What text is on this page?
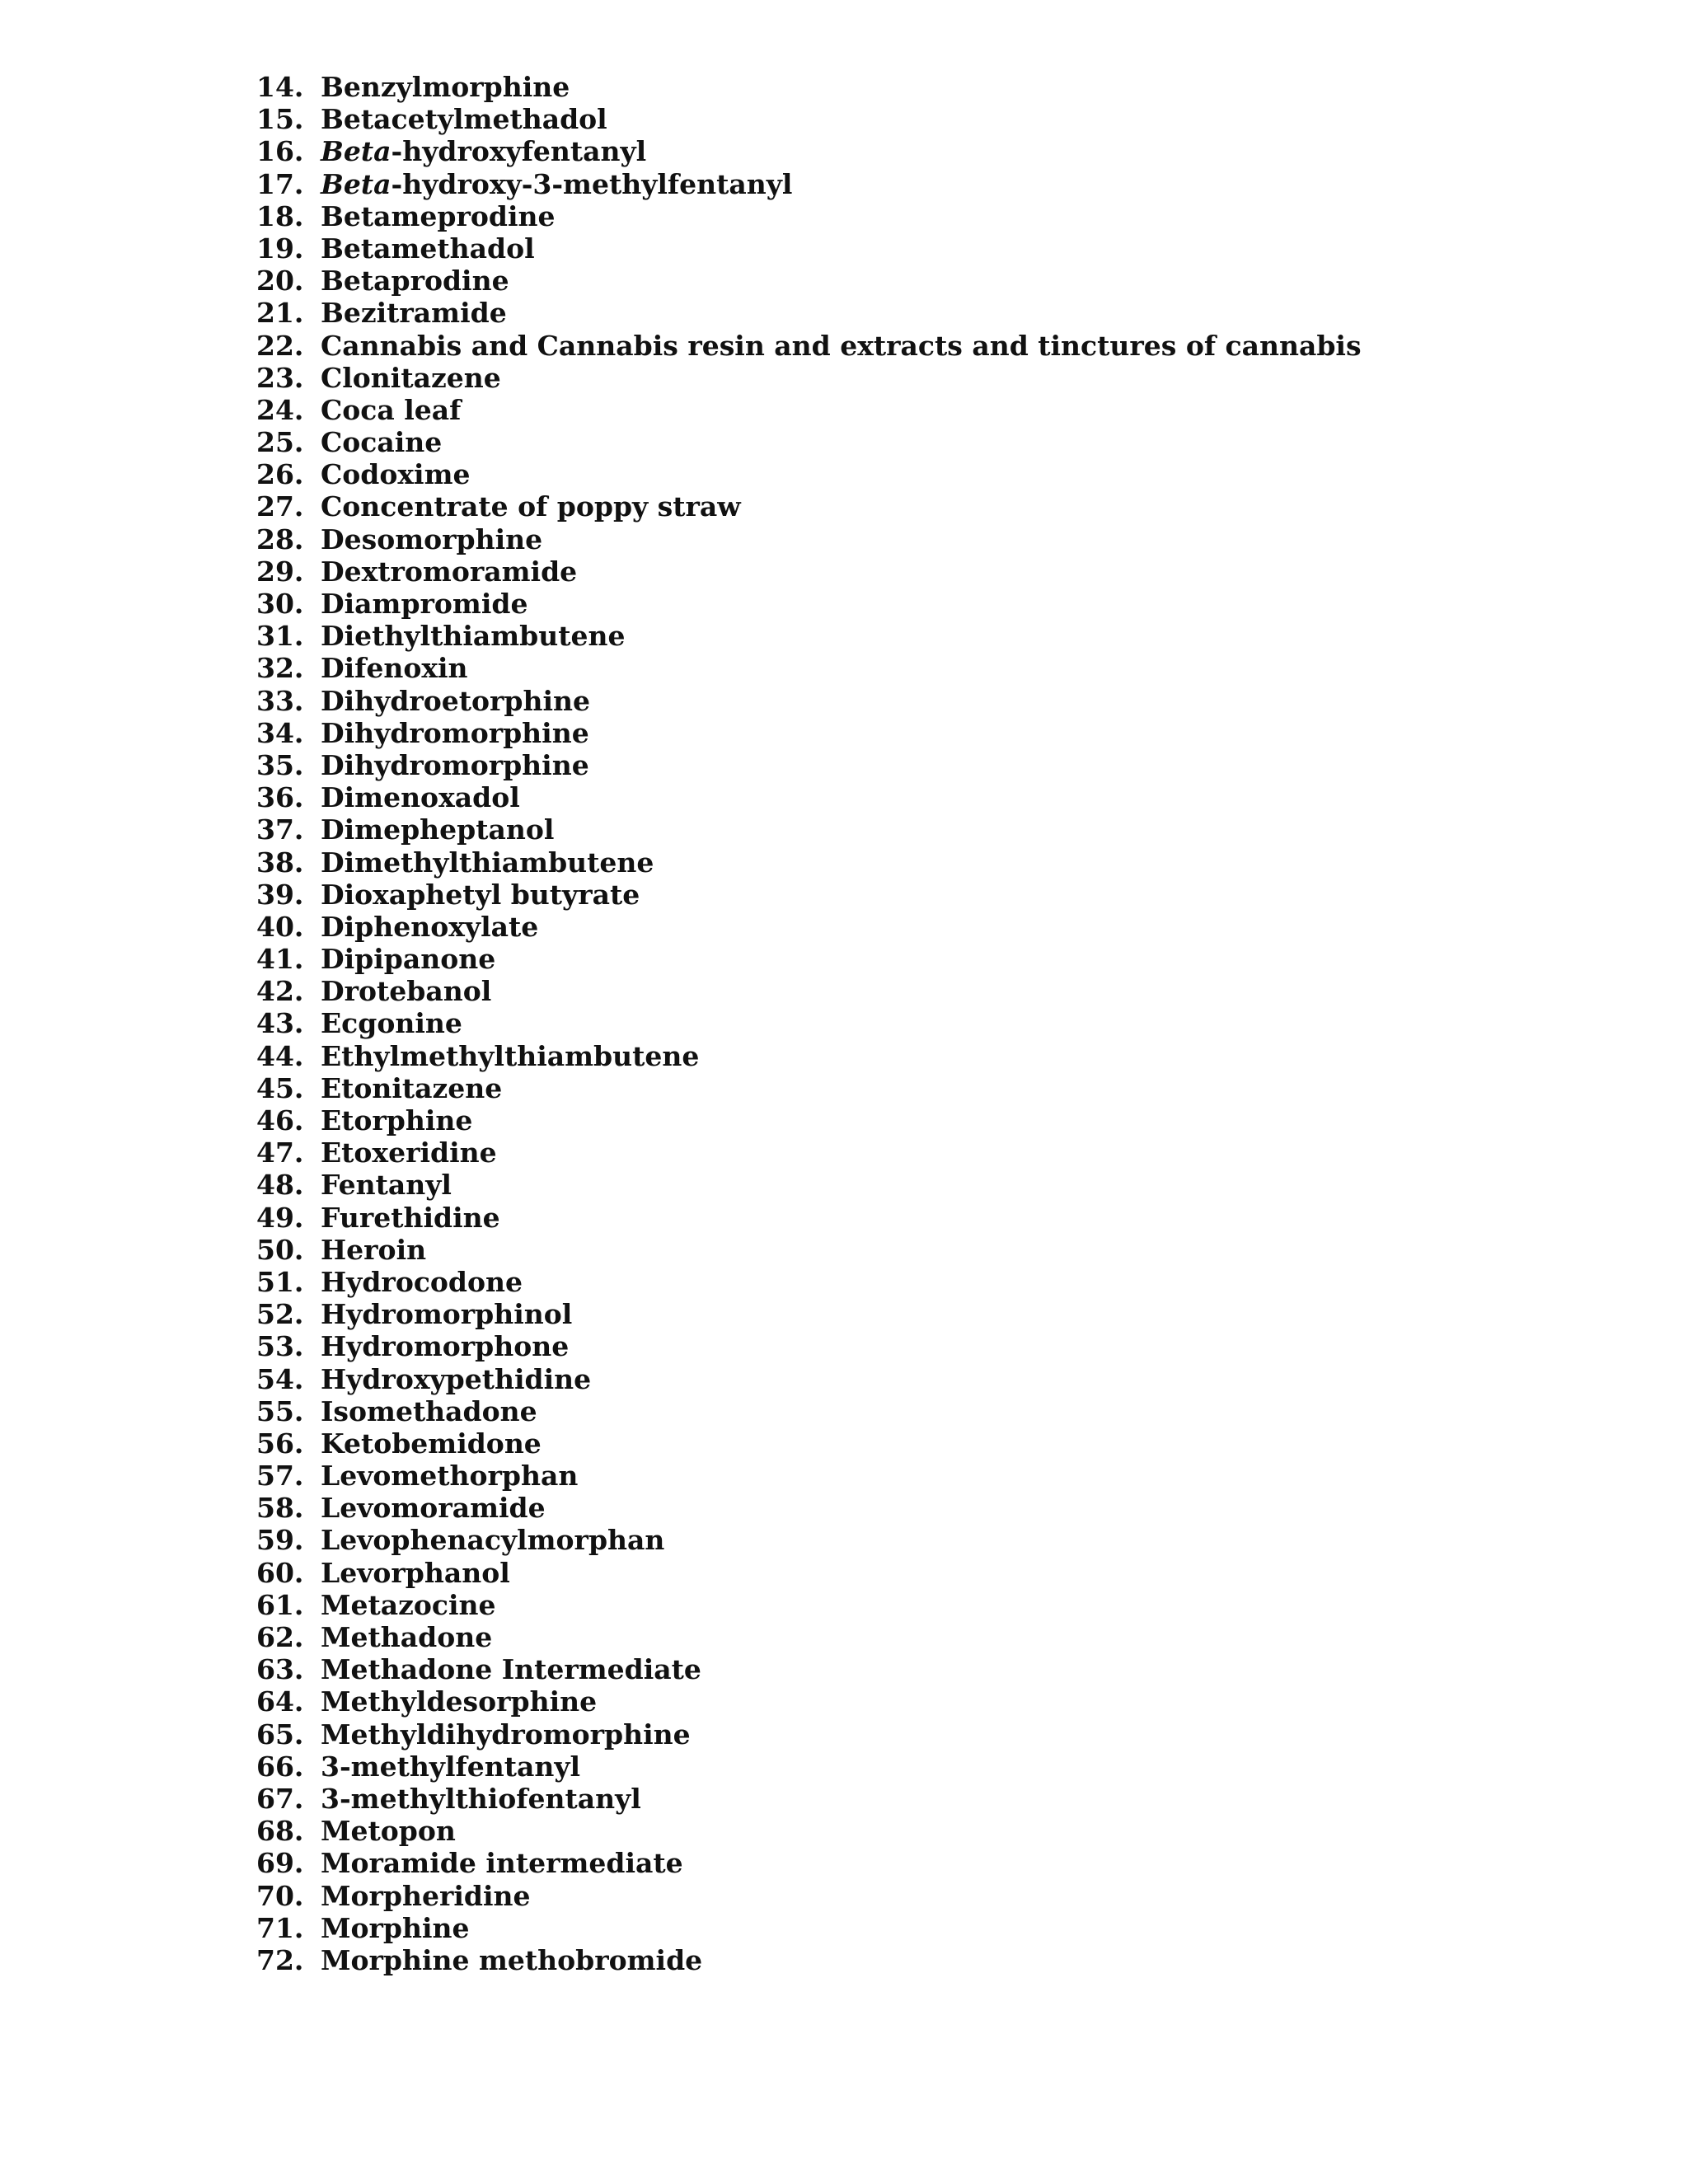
14. Benzylmorphine
15. Betacetylmethadol
16. Beta-hydroxyfentanyl
17. Beta-hydroxy-3-methylfentanyl
18. Betameprodine
19. Betamethadol
20. Betaprodine
21. Bezitramide
22. Cannabis and Cannabis resin and extracts and tinctures of cannabis
23. Clonitazene
24. Coca leaf
25. Cocaine
26. Codoxime
27. Concentrate of poppy straw
28. Desomorphine
29. Dextromoramide
30. Diampromide
31. Diethylthiambutene
32. Difenoxin
33. Dihydroetorphine
34. Dihydromorphine
35. Dihydromorphine
36. Dimenoxadol
37. Dimepheptanol
38. Dimethylthiambutene
39. Dioxaphetyl butyrate
40. Diphenoxylate
41. Dipipanone
42. Drotebanol
43. Ecgonine
44. Ethylmethylthiambutene
45. Etonitazene
46. Etorphine
47. Etoxeridine
48. Fentanyl
49. Furethidine
50. Heroin
51. Hydrocodone
52. Hydromorphinol
53. Hydromorphone
54. Hydroxypethidine
55. Isomethadone
56. Ketobemidone
57. Levomethorphan
58. Levomoramide
59. Levophenacylmorphan
60. Levorphanol
61. Metazocine
62. Methadone
63. Methadone Intermediate
64. Methyldesorphine
65. Methyldihydromorphine
66. 3-methylfentanyl
67. 3-methylthiofentanyl
68. Metopon
69. Moramide intermediate
70. Morpheridine
71. Morphine
72. Morphine methobromide
